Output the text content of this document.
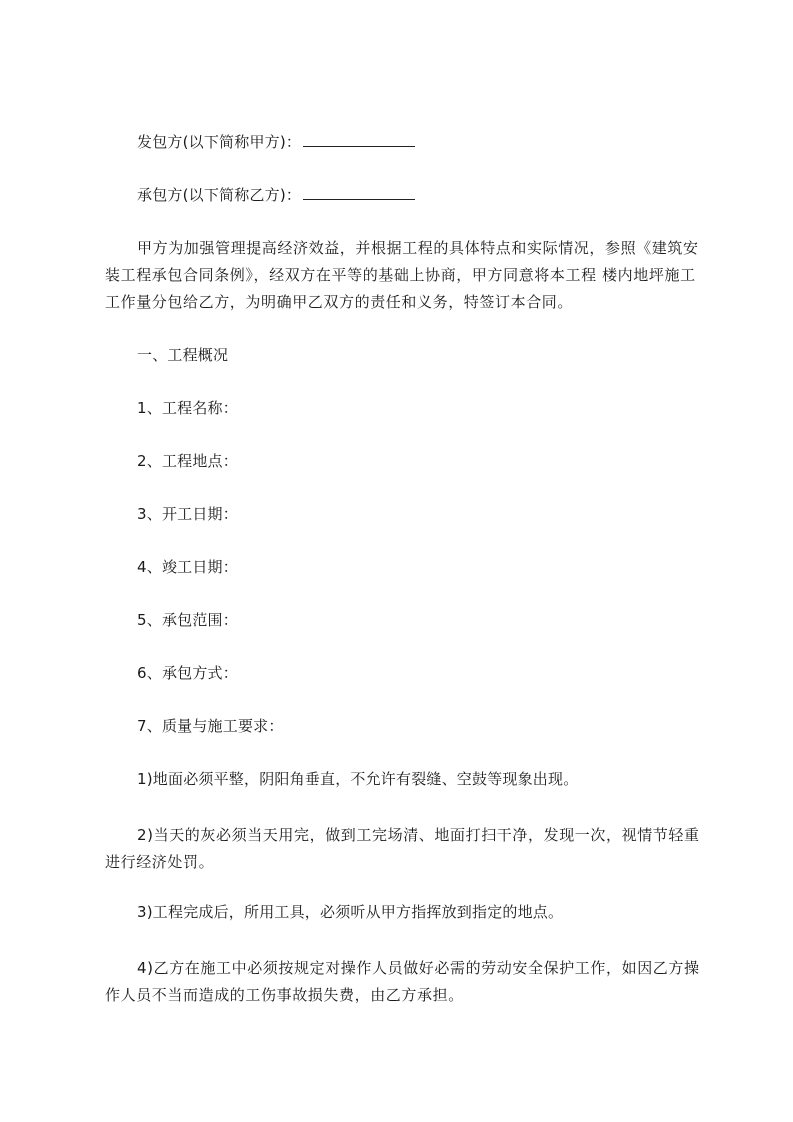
发包方(以下简称甲方)：
承包方(以下简称乙方)：
甲方为加强管理提高经济效益，并根据工程的具体特点和实际情况，参照《建筑安装工程承包合同条例》，经双方在平等的基础上协商，甲方同意将本工程 楼内地坪施工工作量分包给乙方，为明确甲乙双方的责任和义务，特签订本合同。
一、工程概况
1、工程名称：
2、工程地点：
3、开工日期：
4、竣工日期：
5、承包范围：
6、承包方式：
7、质量与施工要求：
1)地面必须平整，阴阳角垂直，不允许有裂缝、空鼓等现象出现。
2)当天的灰必须当天用完，做到工完场清、地面打扫干净，发现一次，视情节轻重进行经济处罚。
3)工程完成后，所用工具，必须听从甲方指挥放到指定的地点。
4)乙方在施工中必须按规定对操作人员做好必需的劳动安全保护工作，如因乙方操作人员不当而造成的工伤事故损失费，由乙方承担。
